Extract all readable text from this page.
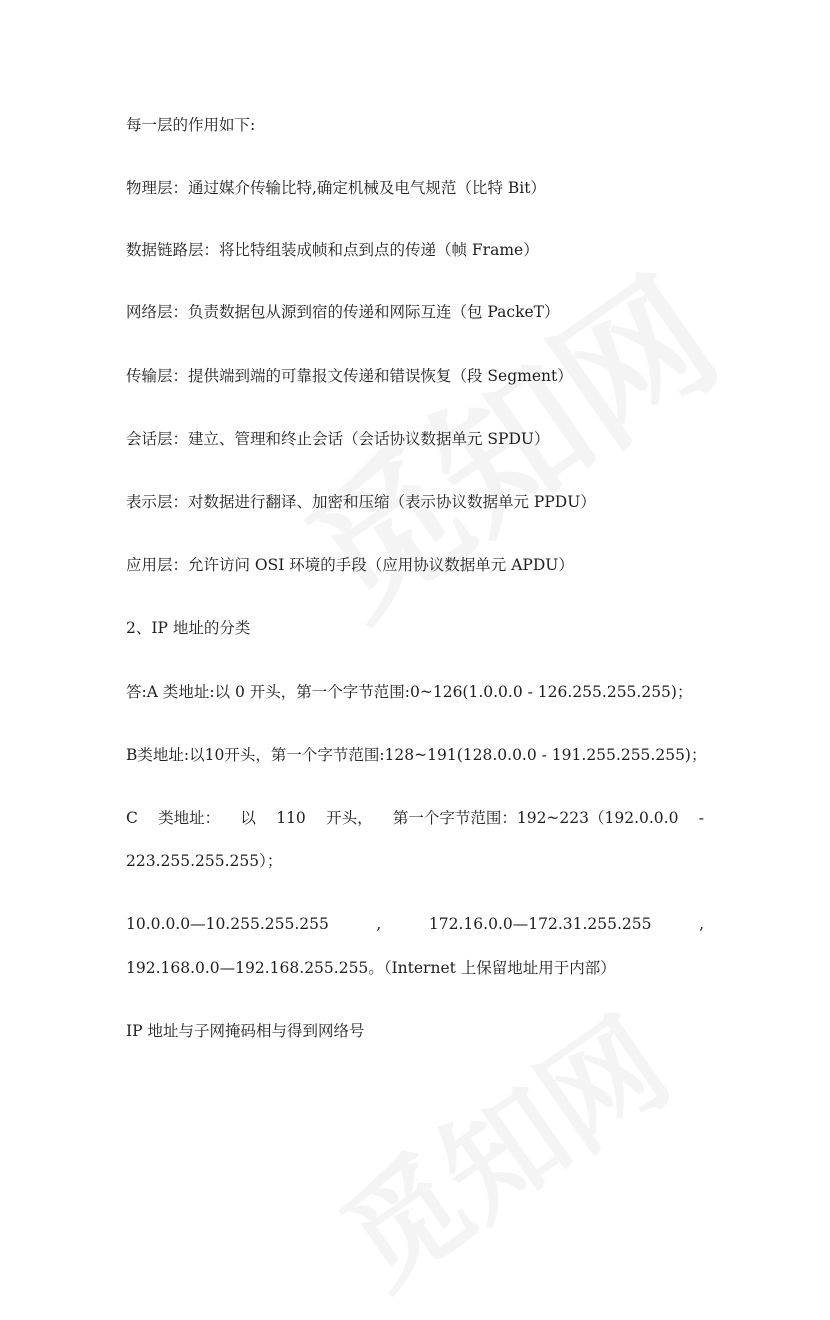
每一层的作用如下:
物理层：通过媒介传输比特,确定机械及电气规范（比特 Bit）
数据链路层：将比特组装成帧和点到点的传递（帧 Frame）
网络层：负责数据包从源到宿的传递和网际互连（包 PackeT）
传输层：提供端到端的可靠报文传递和错误恢复（段 Segment）
会话层：建立、管理和终止会话（会话协议数据单元 SPDU）
表示层：对数据进行翻译、加密和压缩（表示协议数据单元 PPDU）
应用层：允许访问 OSI 环境的手段（应用协议数据单元 APDU）
2、IP 地址的分类
答:A 类地址:以 0 开头，第一个字节范围:0~126(1.0.0.0 - 126.255.255.255)；
B类地址:以10开头，第一个字节范围:128~191(128.0.0.0 - 191.255.255.255)；
C 类地址： 以 110 开头， 第一个字节范围：192~223（192.0.0.0 -
223.255.255.255）；
10.0.0.0—10.255.255.255	,	172.16.0.0—172.31.255.255	,
192.168.0.0—192.168.255.255。（Internet 上保留地址用于内部）
IP 地址与子网掩码相与得到网络号
